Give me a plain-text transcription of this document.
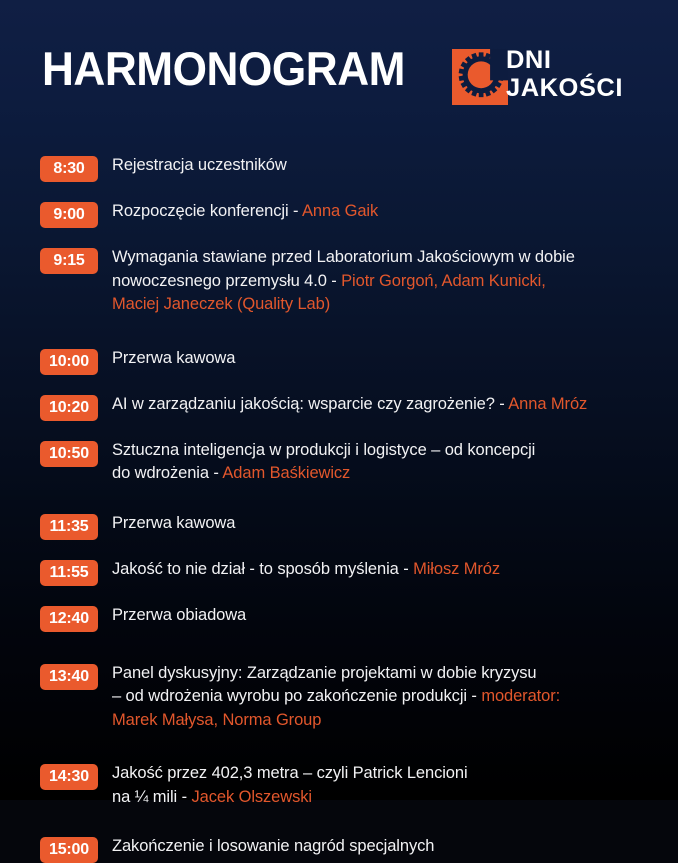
HARMONOGRAM	DNI
JAKOŚCI
8:30	Rejestracja uczestników
9:00	Rozpoczęcie konferencji - Anna Gaik
9:15	Wymagania stawiane przed Laboratorium Jakościowym w dobie
nowoczesnego przemysłu 4.0 - Piotr Gorgoń, Adam Kunicki,
Maciej Janeczek (Quality Lab)
10:00	Przerwa kawowa
10:20	AI w zarządzaniu jakością: wsparcie czy zagrożenie? - Anna Mróz
10:50	Sztuczna inteligencja w produkcji i logistyce – od koncepcji
do wdrożenia - Adam Baśkiewicz
11:35	Przerwa kawowa
11:55	Jakość to nie dział - to sposób myślenia - Miłosz Mróz
12:40	Przerwa obiadowa
13:40	Panel dyskusyjny: Zarządzanie projektami w dobie kryzysu
– od wdrożenia wyrobu po zakończenie produkcji - moderator:
Marek Małysa, Norma Group
14:30	Jakość przez 402,3 metra – czyli Patrick Lencioni
na ¼ mili - Jacek Olszewski
15:00	Zakończenie i losowanie nagród specjalnych
